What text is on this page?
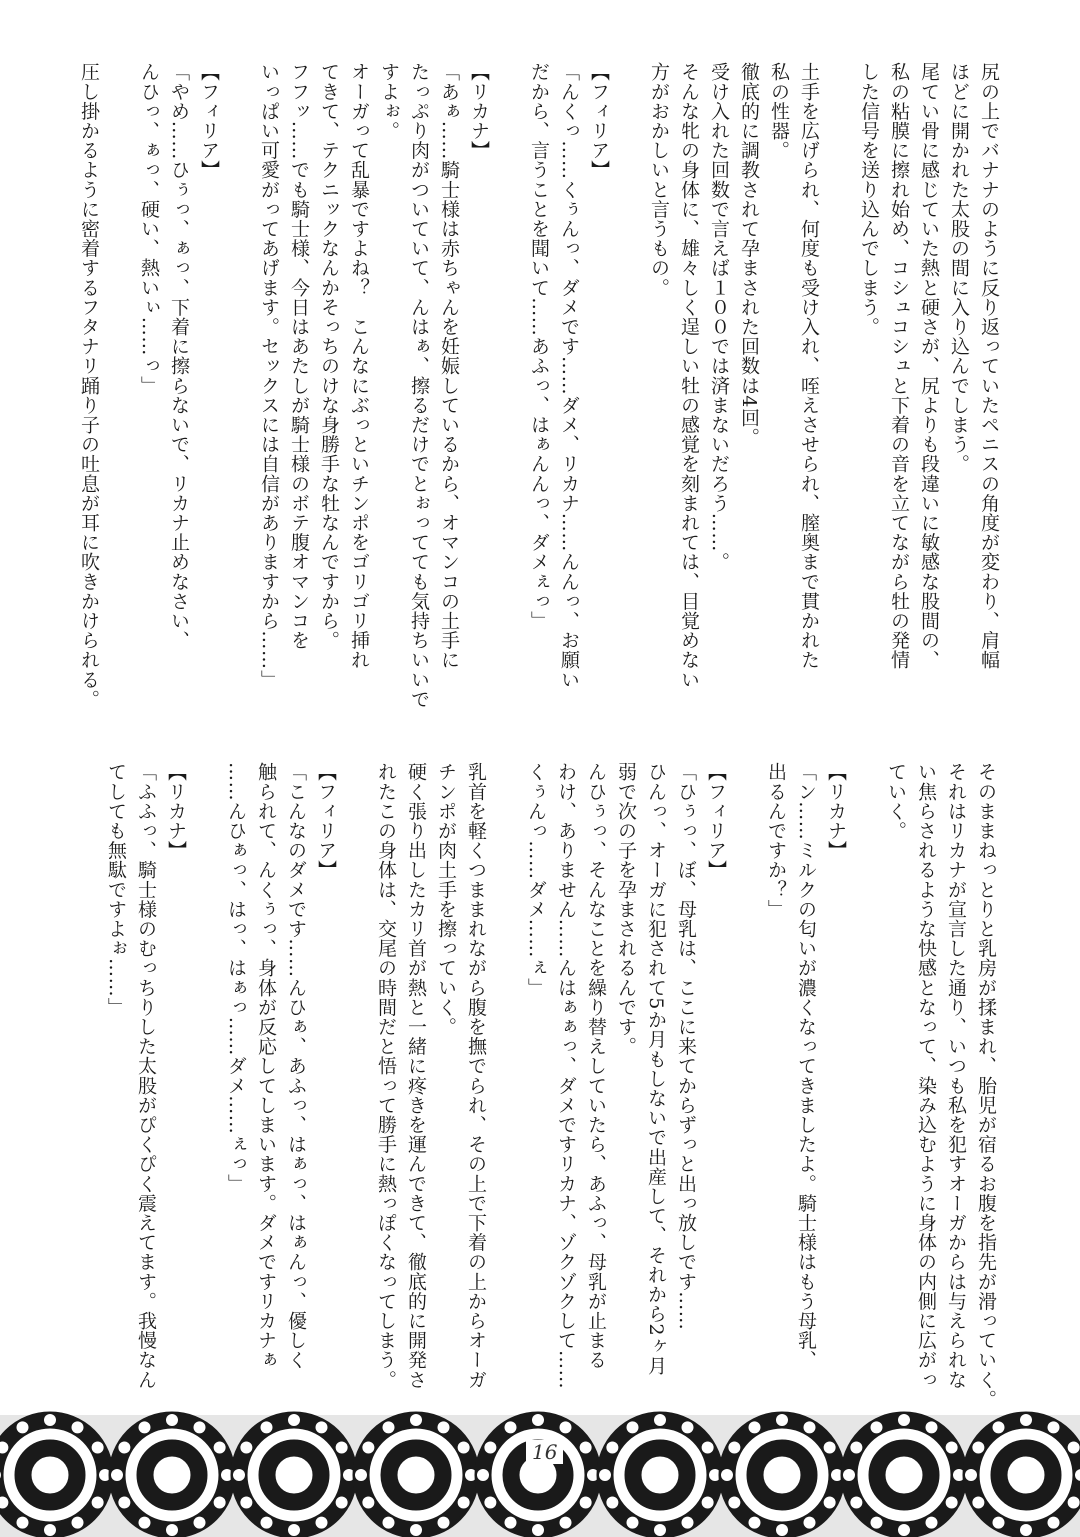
尻の上でバナナのように反り返っていたペニスの角度が変わり、肩幅
ほどに開かれた太股の間に入り込んでしまう。
尾てい骨に感じていた熱と硬さが、尻よりも段違いに敏感な股間の、
私の粘膜に擦れ始め、コシュコシュと下着の音を立てながら牡の発情
した信号を送り込んでしまう。
土手を広げられ、何度も受け入れ、咥えさせられ、膣奥まで貫かれた
私の性器。
徹底的に調教されて孕まされた回数は4回。
受け入れた回数で言えば１００では済まないだろう……。
そんな牝の身体に、雄々しく逞しい牡の感覚を刻まれては、目覚めない
方がおかしいと言うもの。
【フィリア】
「んくっ……くぅんっ、ダメです……ダメ、リカナ……んんっ、お願い
だから、言うことを聞いて……あふっ、はぁんんっ、ダメぇっ」
【リカナ】
「あぁ……騎士様は赤ちゃんを妊娠しているから、オマンコの土手に
たっぷり肉がついていて、んはぁ、擦るだけでとぉってても気持ちいいで
すよぉ。
オーガって乱暴ですよね？　こんなにぶっといチンポをゴリゴリ挿れ
てきて、テクニックなんかそっちのけな身勝手な牡なんですから。
フフッ……でも騎士様、今日はあたしが騎士様のボテ腹オマンコを
いっぱい可愛がってあげます。セックスには自信がありますから……」
【フィリア】
「やめ……ひぅっ、ぁっ、下着に擦らないで、リカナ止めなさい、
んひっ、ぁっ、硬い、熱いぃ……っ」
圧し掛かるように密着するフタナリ踊り子の吐息が耳に吹きかけられる。
そのままねっとりと乳房が揉まれ、胎児が宿るお腹を指先が滑っていく。
それはリカナが宣言した通り、いつも私を犯すオーガからは与えられな
い焦らされるような快感となって、染み込むように身体の内側に広がっ
ていく。
【リカナ】
「ン……ミルクの匂いが濃くなってきましたよ。騎士様はもう母乳、
出るんですか？」
【フィリア】
「ひぅっ、ぼ、母乳は、ここに来てからずっと出っ放しです……
ひんっ、オーガに犯されて5か月もしないで出産して、それから2ヶ月
弱で次の子を孕まされるんです。
んひぅっ、そんなことを繰り替えしていたら、あふっ、母乳が止まる
わけ、ありません……んはぁぁっ、ダメですリカナ、ゾクゾクして……
くぅんっ……ダメ……ぇ」
乳首を軽くつままれながら腹を撫でられ、その上で下着の上からオーガ
チンポが肉土手を擦っていく。
硬く張り出したカリ首が熱と一緒に疼きを運んできて、徹底的に開発さ
れたこの身体は、交尾の時間だと悟って勝手に熱っぽくなってしまう。
【フィリア】
「こんなのダメです……んひぁ、あふっ、はぁっ、はぁんっ、優しく
触られて、んくぅっ、身体が反応してしまいます。ダメですリカナぁ
……んひぁっ、はっ、はぁっ……ダメ……ぇっ」
【リカナ】
「ふふっ、騎士様のむっちりした太股がぴくぴく震えてます。我慢なん
てしても無駄ですよぉ……」
16
